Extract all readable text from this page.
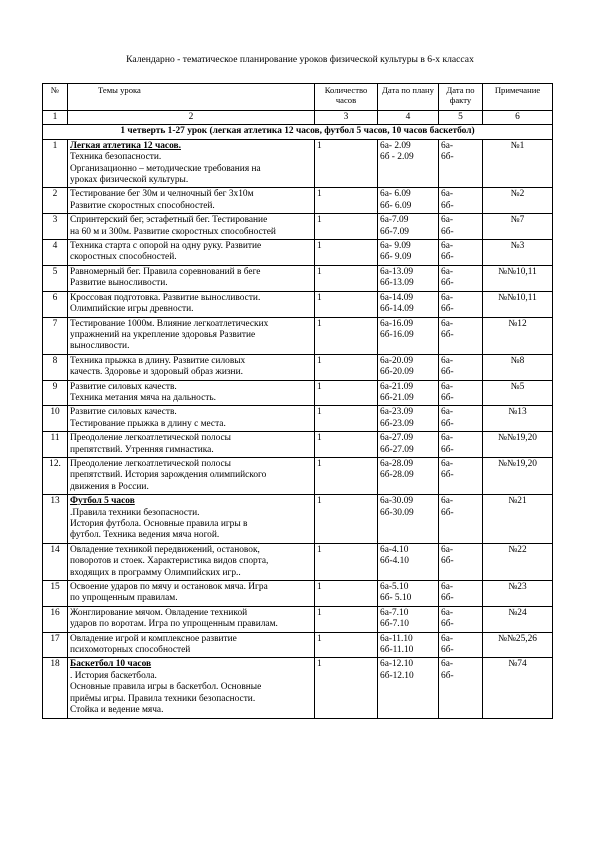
Календарно - тематическое планирование уроков физической культуры в 6-х классах
№	Темы урока	Количество часов	Дата по плану	Дата по факту	Примечание
1	2	3	4	5	6
1 четверть 1-27 урок (легкая атлетика 12 часов, футбол 5 часов, 10 часов баскетбол)					
1	Легкая атлетика 12 часов.
Техника безопасности.
Организационно – методические требования на
уроках физической культуры.	1	6а- 2.09
6б - 2.09	6а-
6б-	№1
2	Тестирование бег 30м и челночный бег 3х10м
Развитие скоростных способностей.	1	6а- 6.09
6б- 6.09	6а-
6б-	№2
3	Спринтерский бег, эстафетный бег. Тестирование
на 60 м и 300м. Развитие скоростных способностей	1	6а-7.09
6б-7.09	6а-
6б-	№7
4	Техника старта с опорой на одну руку. Развитие
скоростных способностей.	1	6а- 9.09
6б- 9.09	6а-
6б-	№3
5	Равномерный бег. Правила соревнований в беге
Развитие выносливости.	1	6а-13.09
6б-13.09	6а-
6б-	№№10,11
6	Кроссовая подготовка. Развитие выносливости.
Олимпийские игры древности.	1	6а-14.09
6б-14.09	6а-
6б-	№№10,11
7	Тестирование 1000м. Влияние легкоатлетических
упражнений на укрепление здоровья Развитие
выносливости.	1	6а-16.09
6б-16.09	6а-
6б-	№12
8	Техника прыжка в длину. Развитие силовых
качеств. Здоровье и здоровый образ жизни.	1	6а-20.09
6б-20.09	6а-
6б-	№8
9	Развитие силовых качеств.
Техника метания мяча на дальность.	1	6а-21.09
6б-21.09	6а-
6б-	№5
10	Развитие силовых качеств.
Тестирование прыжка в длину с места.	1	6а-23.09
6б-23.09	6а-
6б-	№13
11	Преодоление легкоатлетической полосы
препятствий. Утренняя гимнастика.	1	6а-27.09
6б-27.09	6а-
6б-	№№19,20
12.	Преодоление легкоатлетической полосы
препятствий. История зарождения олимпийского
движения в России.	1	6а-28.09
6б-28.09	6а-
6б-	№№19,20
13	Футбол 5 часов
.Правила техники безопасности.
История футбола. Основные правила игры в
футбол. Техника ведения мяча ногой.	1	6а-30.09
6б-30.09	6а-
6б-	№21
14	Овладение техникой передвижений, остановок,
поворотов и стоек. Характеристика видов спорта,
входящих в программу Олимпийских игр..	1	6а-4.10
6б-4.10	6а-
6б-	№22
15	Освоение ударов по мячу и остановок мяча. Игра
по упрощенным правилам.	1	6а-5.10
6б- 5.10	6а-
6б-	№23
16	Жонглирование мячом. Овладение техникой
ударов по воротам. Игра по упрощенным правилам.	1	6а-7.10
6б-7.10	6а-
6б-	№24
17	Овладение игрой и комплексное развитие
психомоторных способностей	1	6а-11.10
6б-11.10	6а-
6б-	№№25,26
18	Баскетбол 10 часов
. История баскетбола.
Основные правила игры в баскетбол. Основные
приёмы игры. Правила техники безопасности.
Стойка и ведение мяча.	1	6а-12.10
6б-12.10	6а-
6б-	№74
